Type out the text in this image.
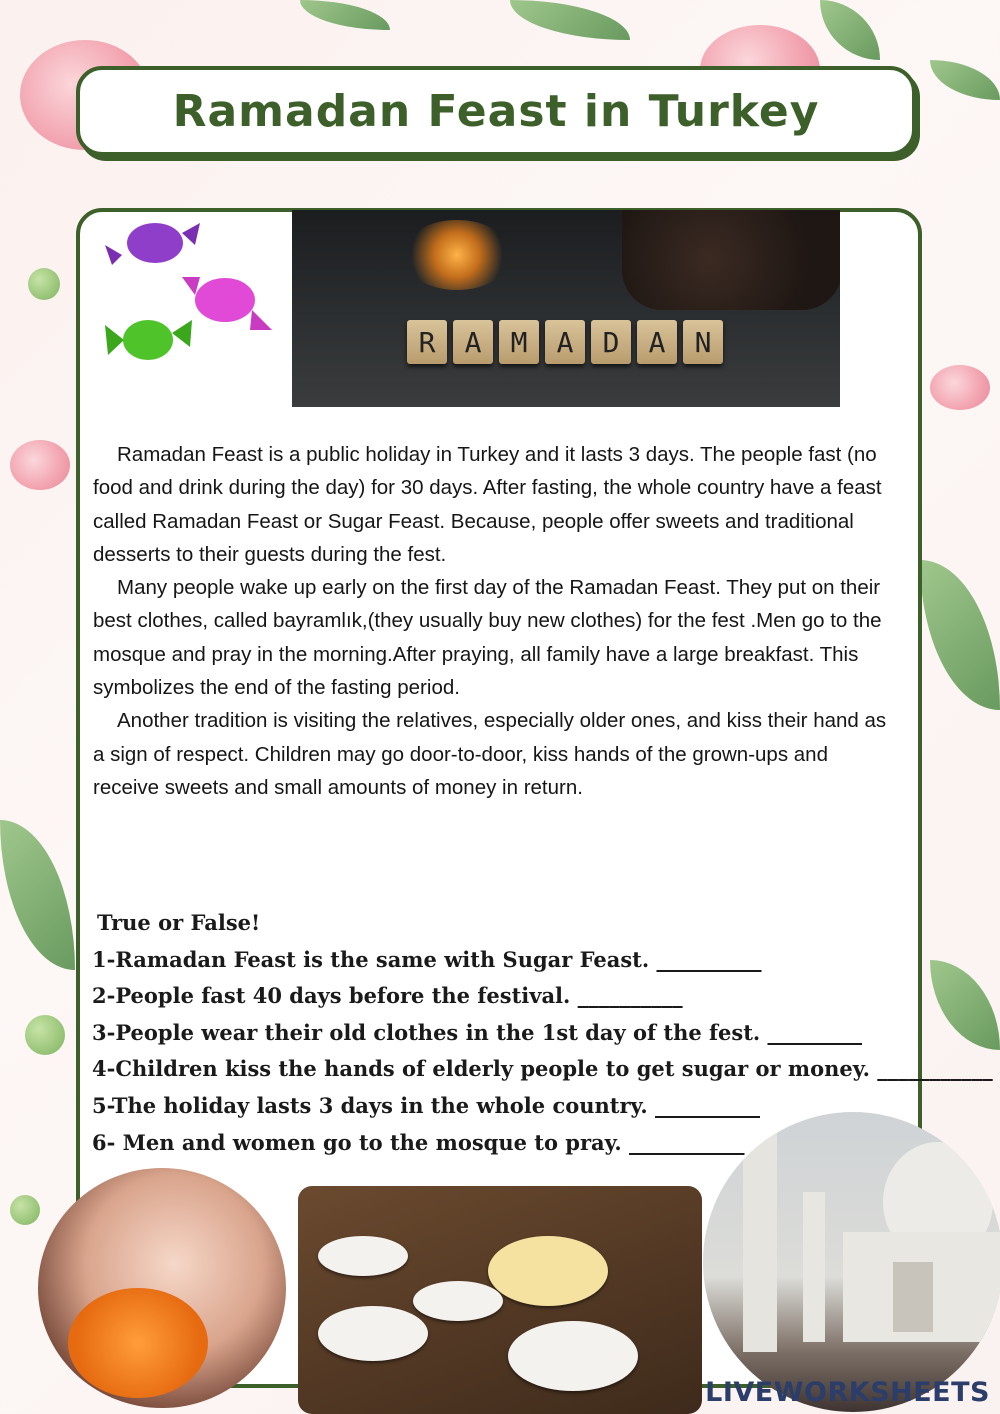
Ramadan Feast in Turkey
R	A	M	A	D	A	N

Ramadan Feast is a public holiday in Turkey and it lasts 3 days. The people fast (no food and drink during the day) for 30 days. After fasting, the whole country have a feast called Ramadan Feast or Sugar Feast. Because, people offer sweets and traditional desserts to their guests during the fest.

Many people wake up early on the first day of the Ramadan Feast. They put on their best clothes, called bayramlık,(they usually buy new clothes) for the fest .Men go to the mosque and pray in the morning.After praying, all family have a large breakfast. This symbolizes the end of the fasting period.

Another tradition is visiting the relatives, especially older ones, and kiss their hand as a sign of respect. Children may go door-to-door, kiss hands of the grown-ups and receive sweets and small amounts of money in return.

True or False!
1-Ramadan Feast is the same with Sugar Feast. __________
2-People fast 40 days before the festival. __________
3-People wear their old clothes in the 1st day of the fest. _________
4-Children kiss the hands of elderly people to get sugar or money. ___________
5-The holiday lasts 3 days in the whole country. __________
6- Men and women go to the mosque to pray. ___________
LIVEWORKSHEETS
